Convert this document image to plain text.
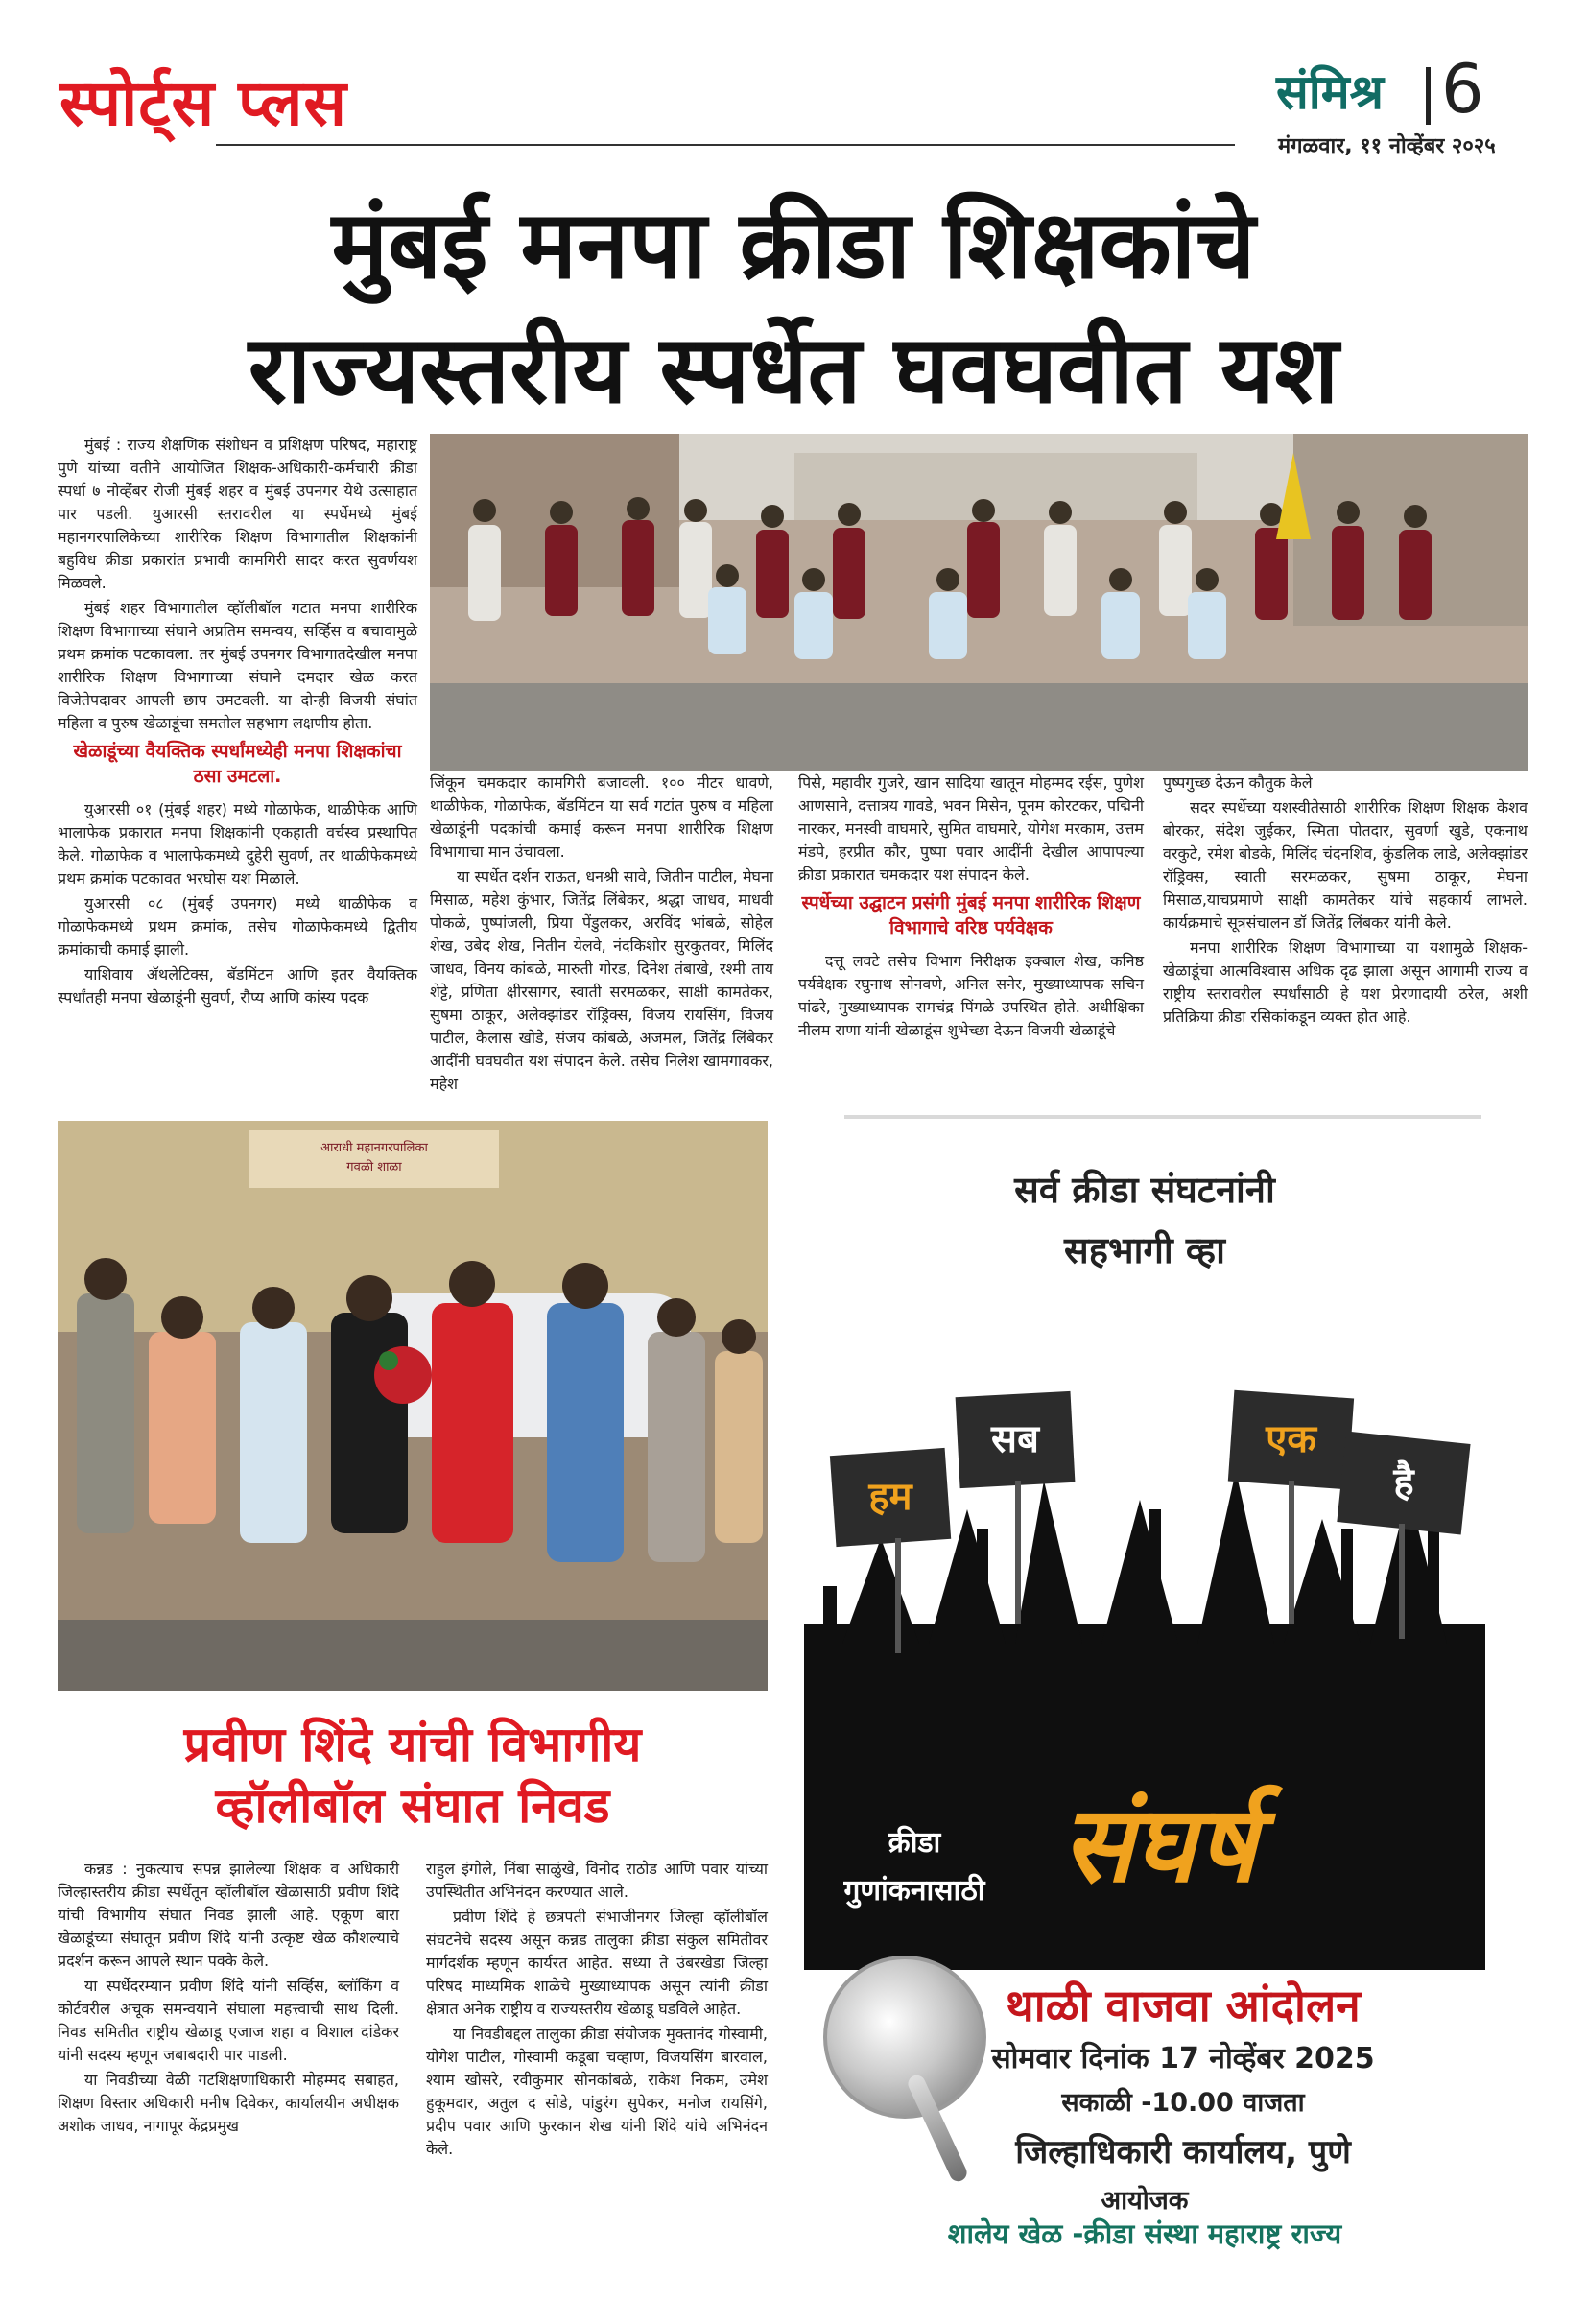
स्पोर्ट्स प्लस	संमिश्र 6
मंगळवार, ११ नोव्हेंबर २०२५
मुंबई मनपा क्रीडा शिक्षकांचे
राज्यस्तरीय स्पर्धेत घवघवीत यश

मुंबई : राज्य शैक्षणिक संशोधन व प्रशिक्षण परिषद, महाराष्ट्र पुणे यांच्या वतीने आयोजित शिक्षक-अधिकारी-कर्मचारी क्रीडा स्पर्धा ७ नोव्हेंबर रोजी मुंबई शहर व मुंबई उपनगर येथे उत्साहात पार पडली. युआरसी स्तरावरील या स्पर्धेमध्ये मुंबई महानगरपालिकेच्या शारीरिक शिक्षण विभागातील शिक्षकांनी बहुविध क्रीडा प्रकारांत प्रभावी कामगिरी सादर करत सुवर्णयश मिळवले.

मुंबई शहर विभागातील व्हॉलीबॉल गटात मनपा शारीरिक शिक्षण विभागाच्या संघाने अप्रतिम समन्वय, सर्व्हिस व बचावामुळे प्रथम क्रमांक पटकावला. तर मुंबई उपनगर विभागातदेखील मनपा शारीरिक शिक्षण विभागाच्या संघाने दमदार खेळ करत विजेतेपदावर आपली छाप उमटवली. या दोन्ही विजयी संघांत महिला व पुरुष खेळाडूंचा समतोल सहभाग लक्षणीय होता.

खेळाडूंच्या वैयक्तिक स्पर्धांमध्येही मनपा शिक्षकांचा ठसा उमटला.

युआरसी ०१ (मुंबई शहर) मध्ये गोळाफेक, थाळीफेक आणि भालाफेक प्रकारात मनपा शिक्षकांनी एकहाती वर्चस्व प्रस्थापित केले. गोळाफेक व भालाफेकमध्ये दुहेरी सुवर्ण, तर थाळीफेकमध्ये प्रथम क्रमांक पटकावत भरघोस यश मिळाले.

युआरसी ०८ (मुंबई उपनगर) मध्ये थाळीफेक व गोळाफेकमध्ये प्रथम क्रमांक, तसेच गोळाफेकमध्ये द्वितीय क्रमांकाची कमाई झाली.

याशिवाय ॲथलेटिक्स, बॅडमिंटन आणि इतर वैयक्तिक स्पर्धांतही मनपा खेळाडूंनी सुवर्ण, रौप्य आणि कांस्य पदक

जिंकून चमकदार कामगिरी बजावली. १०० मीटर धावणे, थाळीफेक, गोळाफेक, बॅडमिंटन या सर्व गटांत पुरुष व महिला खेळाडूंनी पदकांची कमाई करून मनपा शारीरिक शिक्षण विभागाचा मान उंचावला.

या स्पर्धेत दर्शन राऊत, धनश्री सावे, जितीन पाटील, मेघना मिसाळ, महेश कुंभार, जितेंद्र लिंबेकर, श्रद्धा जाधव, माधवी पोकळे, पुष्पांजली, प्रिया पेंडुलकर, अरविंद भांबळे, सोहेल शेख, उबेद शेख, नितीन येलवे, नंदकिशोर सुरकुतवर, मिलिंद जाधव, विनय कांबळे, मारुती गोरड, दिनेश तंबाखे, रश्मी ताय शेट्टे, प्रणिता क्षीरसागर, स्वाती सरमळकर, साक्षी कामतेकर, सुषमा ठाकूर, अलेक्झांडर रॉड्रिक्स, विजय रायसिंग, विजय पाटील, कैलास खोडे, संजय कांबळे, अजमल, जितेंद्र लिंबेकर आदींनी घवघवीत यश संपादन केले. तसेच निलेश खामगावकर, महेश

पिसे, महावीर गुजरे, खान सादिया खातून मोहम्मद रईस, पुणेश आणसाने, दत्तात्रय गावडे, भवन मिसेन, पूनम कोरटकर, पद्मिनी नारकर, मनस्वी वाघमारे, सुमित वाघमारे, योगेश मरकाम, उत्तम मंडपे, हरप्रीत कौर, पुष्पा पवार आदींनी देखील आपापल्या क्रीडा प्रकारात चमकदार यश संपादन केले.

स्पर्धेच्या उद्घाटन प्रसंगी मुंबई मनपा शारीरिक शिक्षण विभागाचे वरिष्ठ पर्यवेक्षक

दत्तू लवटे तसेच विभाग निरीक्षक इक्बाल शेख, कनिष्ठ पर्यवेक्षक रघुनाथ सोनवणे, अनिल सनेर, मुख्याध्यापक सचिन पांढरे, मुख्याध्यापक रामचंद्र पिंगळे उपस्थित होते. अधीक्षिका नीलम राणा यांनी खेळाडूंस शुभेच्छा देऊन विजयी खेळाडूंचे

पुष्पगुच्छ देऊन कौतुक केले

सदर स्पर्धेच्या यशस्वीतेसाठी शारीरिक शिक्षण शिक्षक केशव बोरकर, संदेश जुईकर, स्मिता पोतदार, सुवर्णा खुडे, एकनाथ वरकुटे, रमेश बोडके, मिलिंद चंदनशिव, कुंडलिक लाडे, अलेक्झांडर रॉड्रिक्स, स्वाती सरमळकर, सुषमा ठाकूर, मेघना मिसाळ,याचप्रमाणे साक्षी कामतेकर यांचे सहकार्य लाभले. कार्यक्रमाचे सूत्रसंचालन डॉ जितेंद्र लिंबकर यांनी केले.

मनपा शारीरिक शिक्षण विभागाच्या या यशामुळे शिक्षक-खेळाडूंचा आत्मविश्वास अधिक दृढ झाला असून आगामी राज्य व राष्ट्रीय स्तरावरील स्पर्धांसाठी हे यश प्रेरणादायी ठरेल, अशी प्रतिक्रिया क्रीडा रसिकांकडून व्यक्त होत आहे.

आराधी महानगरपालिका
गवळी शाळा
प्रवीण शिंदे यांची विभागीय
व्हॉलीबॉल संघात निवड

कन्नड : नुकत्याच संपन्न झालेल्या शिक्षक व अधिकारी जिल्हास्तरीय क्रीडा स्पर्धेतून व्हॉलीबॉल खेळासाठी प्रवीण शिंदे यांची विभागीय संघात निवड झाली आहे. एकूण बारा खेळाडूंच्या संघातून प्रवीण शिंदे यांनी उत्कृष्ट खेळ कौशल्याचे प्रदर्शन करून आपले स्थान पक्के केले.

या स्पर्धेदरम्यान प्रवीण शिंदे यांनी सर्व्हिस, ब्लॉकिंग व कोर्टवरील अचूक समन्वयाने संघाला महत्त्वाची साथ दिली. निवड समितीत राष्ट्रीय खेळाडू एजाज शहा व विशाल दांडेकर यांनी सदस्य म्हणून जबाबदारी पार पाडली.

या निवडीच्या वेळी गटशिक्षणाधिकारी मोहम्मद सबाहत, शिक्षण विस्तार अधिकारी मनीष दिवेकर, कार्यालयीन अधीक्षक अशोक जाधव, नागापूर केंद्रप्रमुख

राहुल इंगोले, निंबा साळुंखे, विनोद राठोड आणि पवार यांच्या उपस्थितीत अभिनंदन करण्यात आले.

प्रवीण शिंदे हे छत्रपती संभाजीनगर जिल्हा व्हॉलीबॉल संघटनेचे सदस्य असून कन्नड तालुका क्रीडा संकुल समितीवर मार्गदर्शक म्हणून कार्यरत आहेत. सध्या ते उंबरखेडा जिल्हा परिषद माध्यमिक शाळेचे मुख्याध्यापक असून त्यांनी क्रीडा क्षेत्रात अनेक राष्ट्रीय व राज्यस्तरीय खेळाडू घडविले आहेत.

या निवडीबद्दल तालुका क्रीडा संयोजक मुक्तानंद गोस्वामी, योगेश पाटील, गोस्वामी कडूबा चव्हाण, विजयसिंग बारवाल, श्याम खोसरे, रवीकुमार सोनकांबळे, राकेश निकम, उमेश हुकूमदार, अतुल द सोडे, पांडुरंग सुपेकर, मनोज रायसिंगे, प्रदीप पवार आणि फुरकान शेख यांनी शिंदे यांचे अभिनंदन केले.

सर्व क्रीडा संघटनांनी
सहभागी व्हा
हम
सब	एक
है
क्रीडा
गुणांकनासाठी संघर्ष
थाळी वाजवा आंदोलन
सोमवार दिनांक 17 नोव्हेंबर 2025
सकाळी -10.00 वाजता
जिल्हाधिकारी कार्यालय, पुणे
आयोजक
शालेय खेळ -क्रीडा संस्था महाराष्ट्र राज्य
